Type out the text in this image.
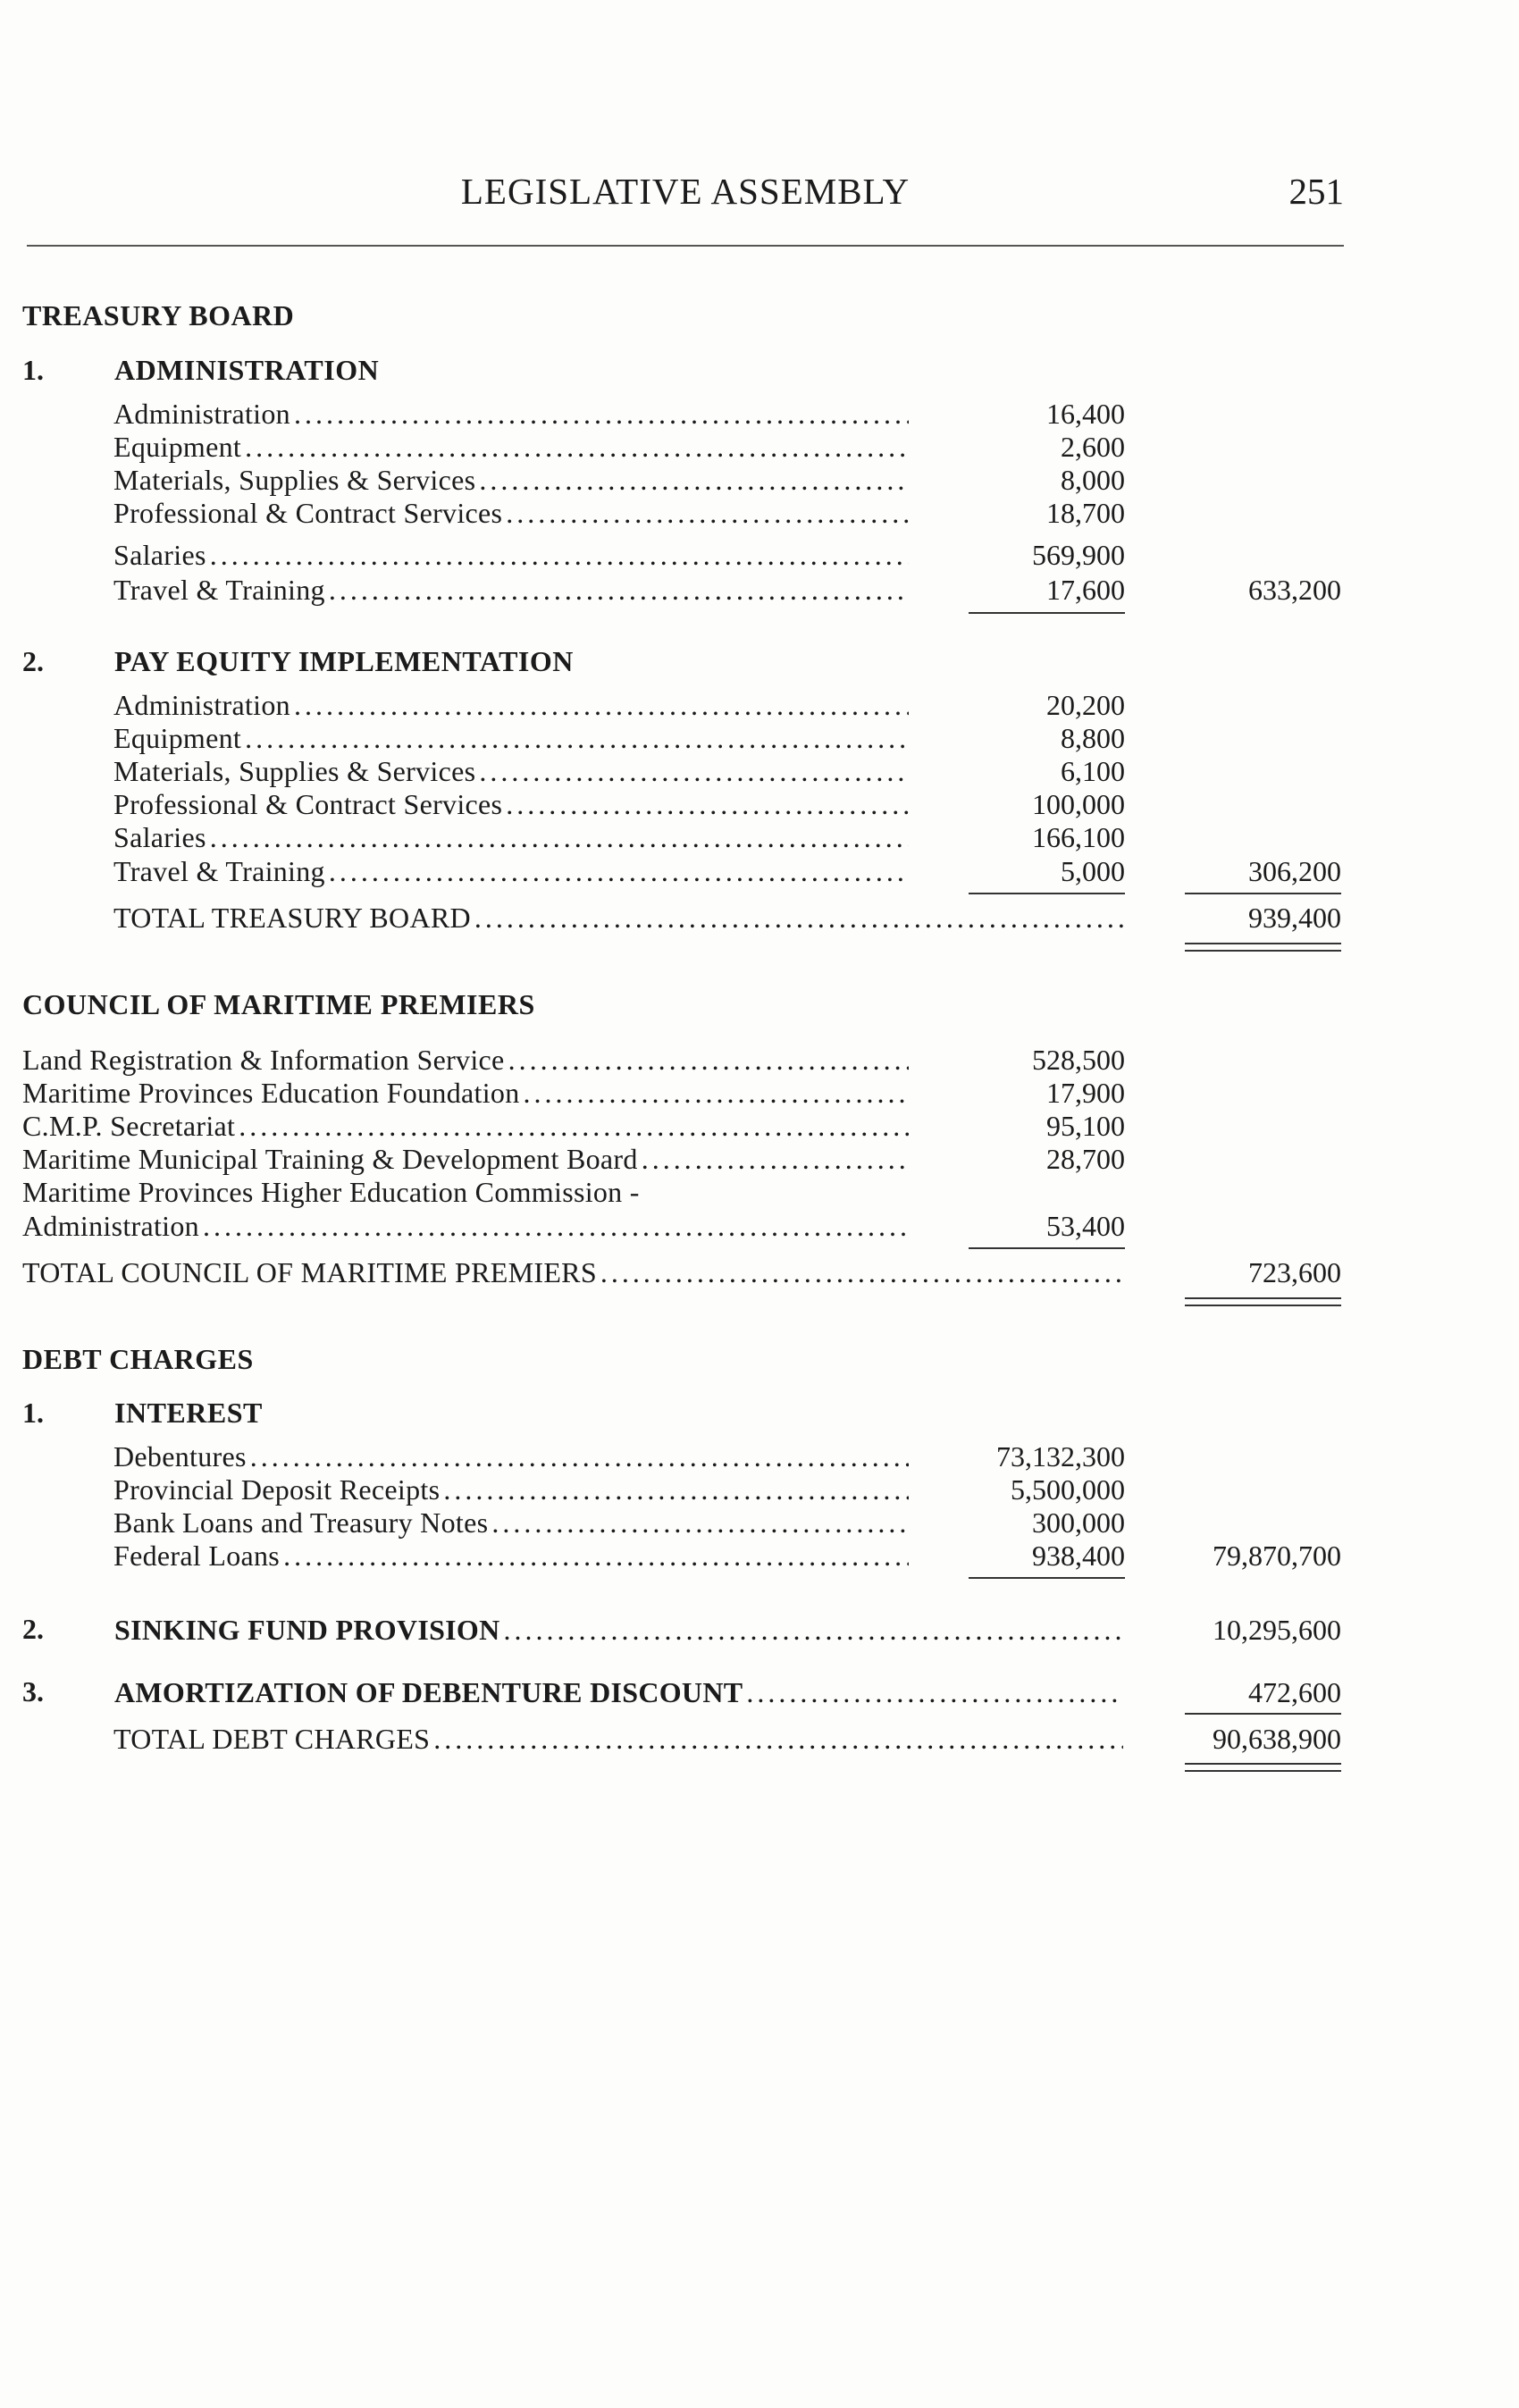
LEGISLATIVE ASSEMBLY	251
TREASURY BOARD
1. ADMINISTRATION
Administration .....	16,400
Equipment .....	2,600
Materials, Supplies & Services .....	8,000
Professional & Contract Services .....	18,700
Salaries .....	569,900
Travel & Training .....	17,600	633,200
2. PAY EQUITY IMPLEMENTATION
Administration .....	20,200
Equipment .....	8,800
Materials, Supplies & Services .....	6,100
Professional & Contract Services .....	100,000
Salaries .....	166,100
Travel & Training .....	5,000	306,200
TOTAL TREASURY BOARD .....	939,400
COUNCIL OF MARITIME PREMIERS
Land Registration & Information Service .....	528,500
Maritime Provinces Education Foundation .....	17,900
C.M.P. Secretariat .....	95,100
Maritime Municipal Training & Development Board .....	28,700
Maritime Provinces Higher Education Commission -
Administration .....	53,400
TOTAL COUNCIL OF MARITIME PREMIERS .....	723,600
DEBT CHARGES
1. INTEREST
Debentures .....	73,132,300
Provincial Deposit Receipts .....	5,500,000
Bank Loans and Treasury Notes .....	300,000
Federal Loans .....	938,400	79,870,700
2. SINKING FUND PROVISION .....	10,295,600
3. AMORTIZATION OF DEBENTURE DISCOUNT .....	472,600
TOTAL DEBT CHARGES .....	90,638,900
